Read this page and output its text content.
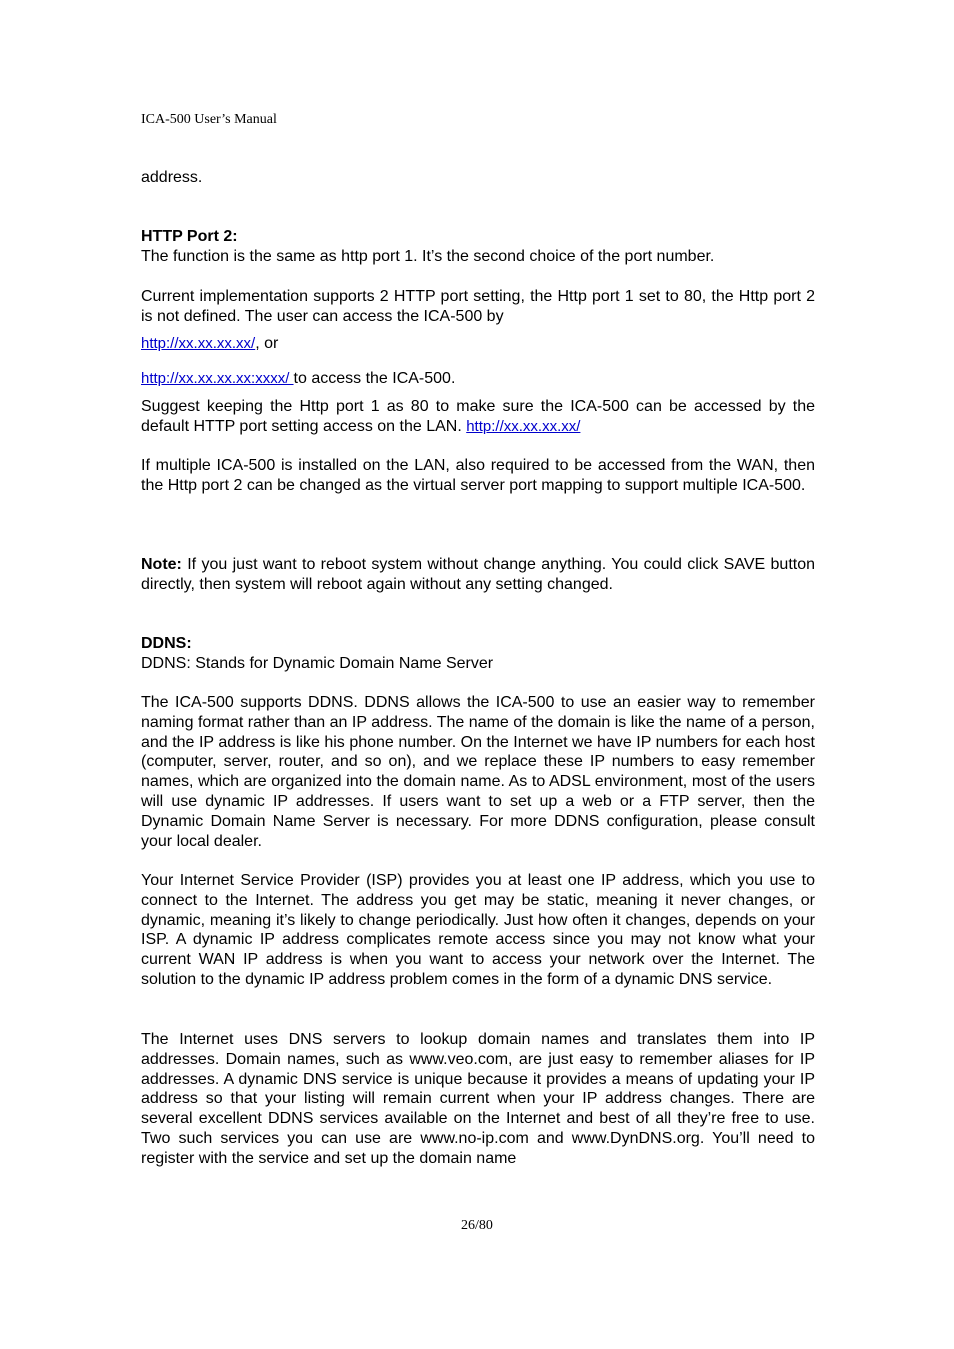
ICA-500 User’s Manual

address.

HTTP Port 2:

The function is the same as http port 1. It’s the second choice of the port number.

Current implementation supports 2 HTTP port setting, the Http port 1 set to 80, the Http port 2 is not defined. The user can access the ICA-500 by

http://xx.xx.xx.xx/, or

http://xx.xx.xx.xx:xxxx/ to access the ICA-500.

Suggest keeping the Http port 1 as 80 to make sure the ICA-500 can be accessed by the default HTTP port setting access on the LAN. http://xx.xx.xx.xx/

If multiple ICA-500 is installed on the LAN, also required to be accessed from the WAN, then the Http port 2 can be changed as the virtual server port mapping to support multiple ICA-500.

Note: If you just want to reboot system without change anything. You could click SAVE button directly, then system will reboot again without any setting changed.

DDNS:

DDNS: Stands for Dynamic Domain Name Server

The ICA-500 supports DDNS. DDNS allows the ICA-500 to use an easier way to remember naming format rather than an IP address. The name of the domain is like the name of a person, and the IP address is like his phone number. On the Internet we have IP numbers for each host (computer, server, router, and so on), and we replace these IP numbers to easy remember names, which are organized into the domain name. As to ADSL environment, most of the users will use dynamic IP addresses. If users want to set up a web or a FTP server, then the Dynamic Domain Name Server is necessary. For more DDNS configuration, please consult your local dealer.

Your Internet Service Provider (ISP) provides you at least one IP address, which you use to connect to the Internet. The address you get may be static, meaning it never changes, or dynamic, meaning it’s likely to change periodically. Just how often it changes, depends on your ISP. A dynamic IP address complicates remote access since you may not know what your current WAN IP address is when you want to access your network over the Internet. The solution to the dynamic IP address problem comes in the form of a dynamic DNS service.

The Internet uses DNS servers to lookup domain names and translates them into IP addresses. Domain names, such as www.veo.com, are just easy to remember aliases for IP addresses. A dynamic DNS service is unique because it provides a means of updating your IP address so that your listing will remain current when your IP address changes. There are several excellent DDNS services available on the Internet and best of all they’re free to use. Two such services you can use are www.no-ip.com and www.DynDNS.org. You’ll need to register with the service and set up the domain name

26/80
